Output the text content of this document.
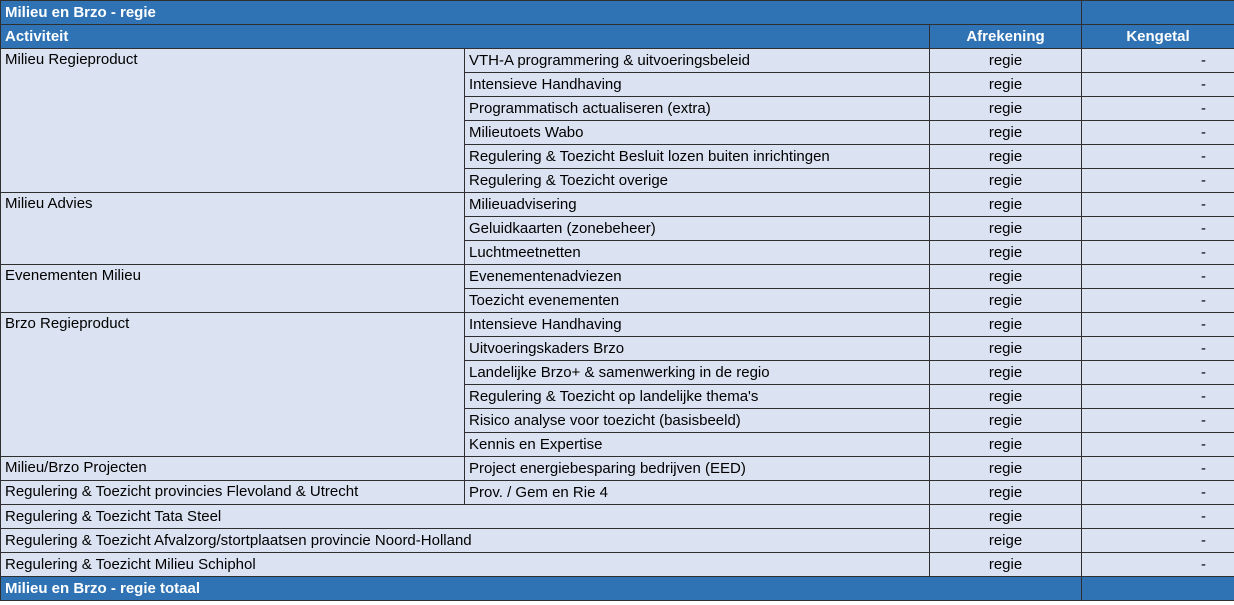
Milieu en Brzo - regie			
Activiteit		Afrekening	Kengetal
Milieu Regieproduct	VTH-A programmering & uitvoeringsbeleid	regie	-
	Intensieve Handhaving	regie	-
	Programmatisch actualiseren (extra)	regie	-
	Milieutoets Wabo	regie	-
	Regulering & Toezicht Besluit lozen buiten inrichtingen	regie	-
	Regulering & Toezicht overige	regie	-
Milieu Advies	Milieuadvisering	regie	-
	Geluidkaarten (zonebeheer)	regie	-
	Luchtmeetnetten	regie	-
Evenementen Milieu	Evenementenadviezen	regie	-
	Toezicht evenementen	regie	-
Brzo Regieproduct	Intensieve Handhaving	regie	-
	Uitvoeringskaders Brzo	regie	-
	Landelijke Brzo+ & samenwerking in de regio	regie	-
	Regulering & Toezicht op landelijke thema's	regie	-
	Risico analyse voor toezicht (basisbeeld)	regie	-
	Kennis en Expertise	regie	-
Milieu/Brzo Projecten	Project energiebesparing bedrijven (EED)	regie	-
Regulering & Toezicht provincies Flevoland & Utrecht	Prov. / Gem en Rie 4	regie	-
Regulering & Toezicht Tata Steel		regie	-
Regulering & Toezicht Afvalzorg/stortplaatsen provincie Noord-Holland		reige	-
Regulering & Toezicht Milieu Schiphol		regie	-
Milieu en Brzo - regie totaal			
